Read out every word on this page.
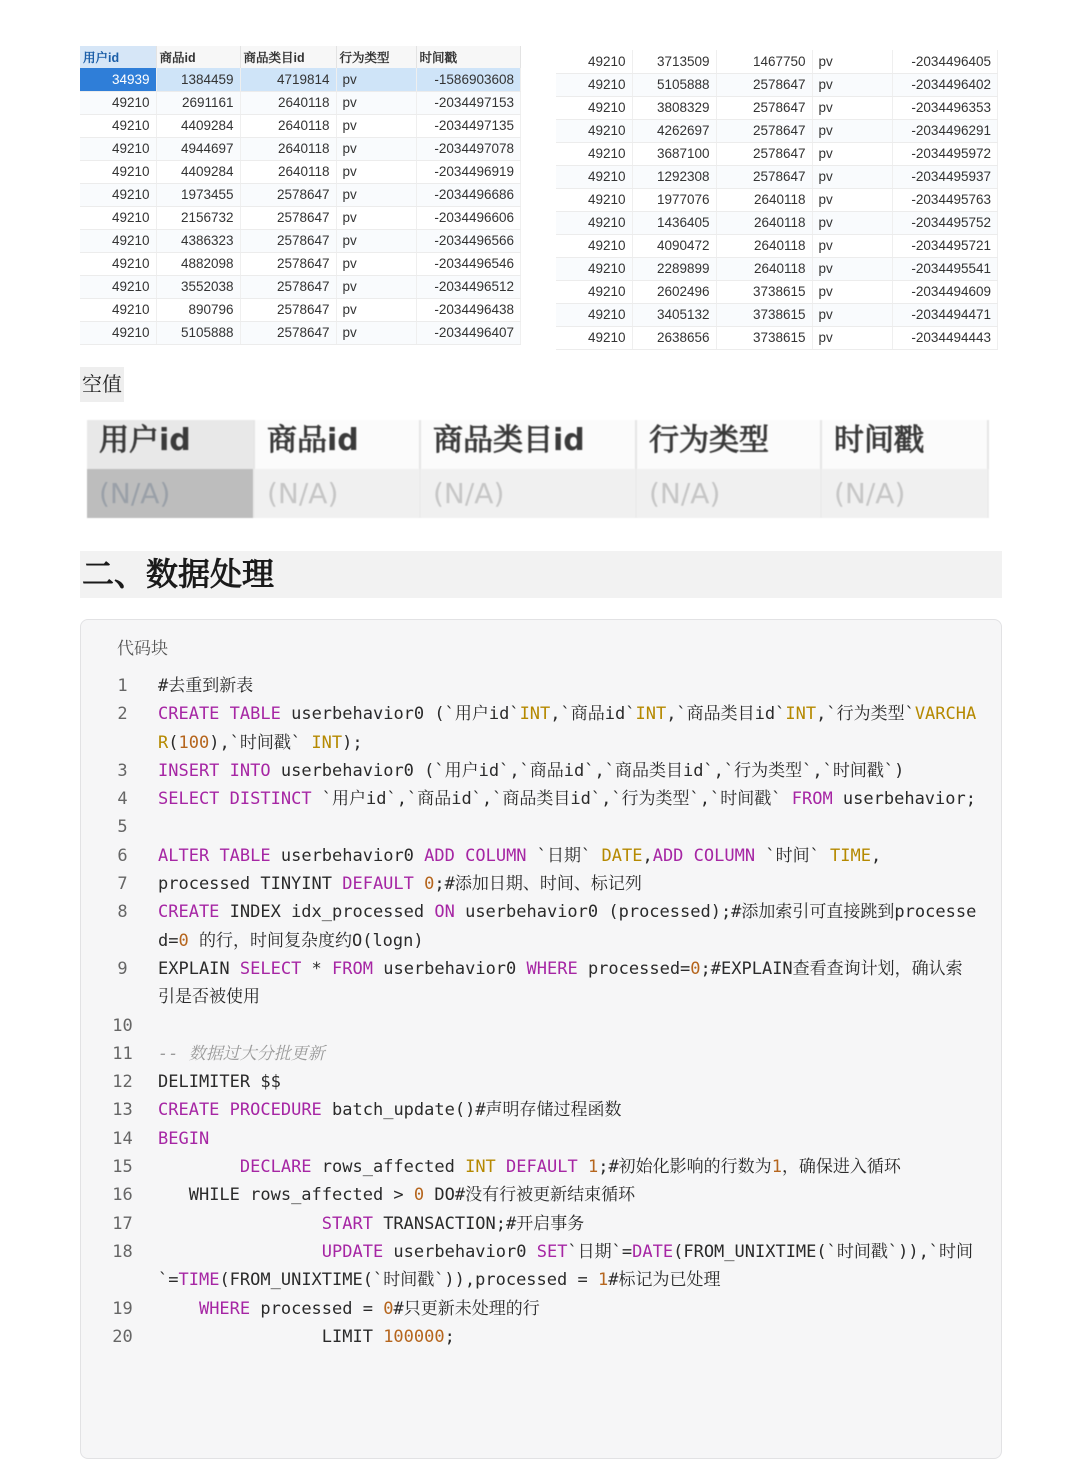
用户id	商品id	商品类目id	行为类型	时间戳
34939	1384459	4719814	pv	-1586903608
49210	2691161	2640118	pv	-2034497153
49210	4409284	2640118	pv	-2034497135
49210	4944697	2640118	pv	-2034497078
49210	4409284	2640118	pv	-2034496919
49210	1973455	2578647	pv	-2034496686
49210	2156732	2578647	pv	-2034496606
49210	4386323	2578647	pv	-2034496566
49210	4882098	2578647	pv	-2034496546
49210	3552038	2578647	pv	-2034496512
49210	890796	2578647	pv	-2034496438
49210	5105888	2578647	pv	-2034496407
49210	3713509	1467750	pv	-2034496405
49210	5105888	2578647	pv	-2034496402
49210	3808329	2578647	pv	-2034496353
49210	4262697	2578647	pv	-2034496291
49210	3687100	2578647	pv	-2034495972
49210	1292308	2578647	pv	-2034495937
49210	1977076	2640118	pv	-2034495763
49210	1436405	2640118	pv	-2034495752
49210	4090472	2640118	pv	-2034495721
49210	2289899	2640118	pv	-2034495541
49210	2602496	3738615	pv	-2034494609
49210	3405132	3738615	pv	-2034494471
49210	2638656	3738615	pv	-2034494443
空值
用户id	商品id	商品类目id	行为类型	时间戳
(N/A)	(N/A)	(N/A)	(N/A)	(N/A)
二、数据处理
代码块
1	#去重到新表
2	CREATE TABLE userbehavior0 (`用户id`INT,`商品id`INT,`商品类目id`INT,`行为类型`VARCHAR(100),`时间戳` INT);
3	INSERT INTO userbehavior0 (`用户id`,`商品id`,`商品类目id`,`行为类型`,`时间戳`)
4	SELECT DISTINCT `用户id`,`商品id`,`商品类目id`,`行为类型`,`时间戳` FROM userbehavior;
5
6	ALTER TABLE userbehavior0 ADD COLUMN `日期` DATE,ADD COLUMN `时间` TIME,
7	processed TINYINT DEFAULT 0;#添加日期、时间、标记列
8	CREATE INDEX idx_processed ON userbehavior0 (processed);#添加索引可直接跳到processed=0 的行，时间复杂度约O(logn)
9	EXPLAIN SELECT * FROM userbehavior0 WHERE processed=0;#EXPLAIN查看查询计划，确认索引是否被使用
10
11	-- 数据过大分批更新
12	DELIMITER $$
13	CREATE PROCEDURE batch_update()#声明存储过程函数
14	BEGIN
15	DECLARE rows_affected INT DEFAULT 1;#初始化影响的行数为1，确保进入循环
16	WHILE rows_affected > 0 DO#没有行被更新结束循环
17	START TRANSACTION;#开启事务
18	UPDATE userbehavior0 SET`日期`=DATE(FROM_UNIXTIME(`时间戳`)),`时间`=TIME(FROM_UNIXTIME(`时间戳`)),processed = 1#标记为已处理
19	WHERE processed = 0#只更新未处理的行
20	LIMIT 100000;
